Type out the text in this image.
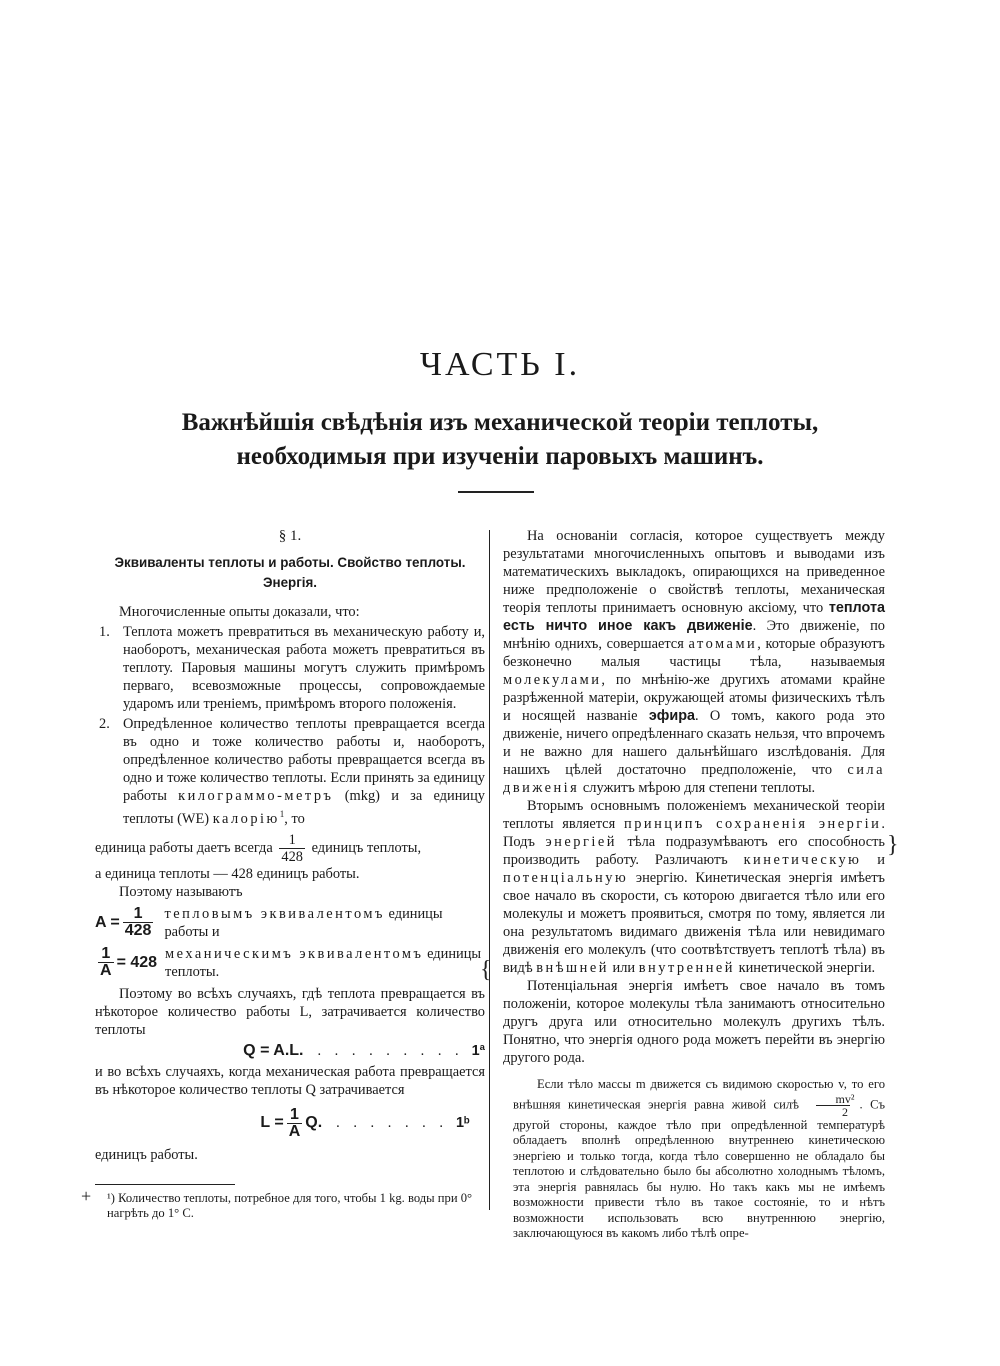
ЧАСТЬ I.
Важнѣйшія свѣдѣнія изъ механической теоріи теплоты,
необходимыя при изученіи паровыхъ машинъ.
§ 1.
Эквиваленты теплоты и работы. Свойство теплоты.
Энергія.

Многочисленные опыты доказали, что:

1. Теплота можетъ превратиться въ механическую работу и, наоборотъ, механическая работа можетъ превратиться въ теплоту. Паровыя машины могутъ служить примѣромъ перваго, всевозможные процессы, сопровождаемые ударомъ или треніемъ, примѣромъ второго положенія.
2. Опредѣленное количество теплоты превращается всегда въ одно и тоже количество работы и, наоборотъ, опредѣленное количество работы превращается всегда въ одно и тоже количество теплоты. Если принять за единицу работы килограммо-метръ (mkg) и за единицу теплоты (WE) калорію$^1$, то

единица работы даетъ всегда $\frac{1}{428}$ единицъ теплоты,

а единица теплоты — 428 единицъ работы.

Поэтому называютъ

$A = \frac{1}{428}$ тепловымъ эквивалентомъ единицы работы и
$\frac{1}{A} = 428$ механическимъ эквивалентомъ единицы теплоты.

Поэтому во всѣхъ случаяхъ, гдѣ теплота превращается въ нѣкоторое количество работы L, затрачивается количество теплоты

Q = A.L. . . . . . . . . . 1ª

и во всѣхъ случаяхъ, когда механическая работа превращается въ нѣкоторое количество теплоты Q затрачивается

$L = \frac{1}{A} Q$. . . . . . . . 1ᵇ

единицъ работы.

+ ¹) Количество теплоты, потребное для того, чтобы 1 kg. воды при 0° нагрѣть до 1° С.

На основаніи согласія, которое существуетъ между результатами многочисленныхъ опытовъ и выводами изъ математическихъ выкладокъ, опирающихся на приведенное ниже предположеніе о свойствѣ теплоты, механическая теорія теплоты принимаетъ основную аксіому, что теплота есть ничто иное какъ движеніе. Это движеніе, по мнѣнію однихъ, совершается атомами, которые образуютъ безконечно малыя частицы тѣла, называемыя молекулами, по мнѣнію-же другихъ атомами крайне разрѣженной матеріи, окружающей атомы физическихъ тѣлъ и носящей названіе эфира. О томъ, какого рода это движеніе, ничего опредѣленнаго сказать нельзя, что впрочемъ и не важно для нашего дальнѣйшаго изслѣдованія. Для нашихъ цѣлей достаточно предположеніе, что сила движенія служитъ мѣрою для степени теплоты.

Вторымъ основнымъ положеніемъ механической теоріи теплоты является принципъ сохраненія энергіи. Подъ энергіей тѣла подразумѣваютъ его способность производить работу. Различаютъ кинетическую и потенціальную энергію. Кинетическая энергія имѣетъ свое начало въ скорости, съ которою двигается тѣло или его молекулы и можетъ проявиться, смотря по тому, является ли она результатомъ видимаго движенія тѣла или невидимаго движенія его молекулъ (что соотвѣтствуетъ теплотѣ тѣла) въ видѣ внѣшней или внутренней кинетической энергіи.

Потенціальная энергія имѣетъ свое начало въ томъ положеніи, которое молекулы тѣла занимаютъ относительно другъ друга или относительно молекулъ другихъ тѣлъ. Понятно, что энергія одного рода можетъ перейти въ энергію другого рода.

Если тѣло массы m движется съ видимою скоростью v, то его внѣшняя кинетическая энергія равна живой силѣ $\frac{\text{mv²}}{2}$ . Съ другой стороны, каждое тѣло при опредѣленной температурѣ обладаетъ вполнѣ опредѣленною внутреннею кинетическою энергіею и только тогда, когда тѣло совершенно не обладало бы теплотою и слѣдовательно было бы абсолютно холоднымъ тѣломъ, эта энергія равнялась бы нулю. Но такъ какъ мы не имѣемъ возможности привести тѣло въ такое состояніе, то и нѣтъ возможности использовать всю внутреннюю энергію, заключающуюся въ какомъ либо тѣлѣ опре-

}
{
